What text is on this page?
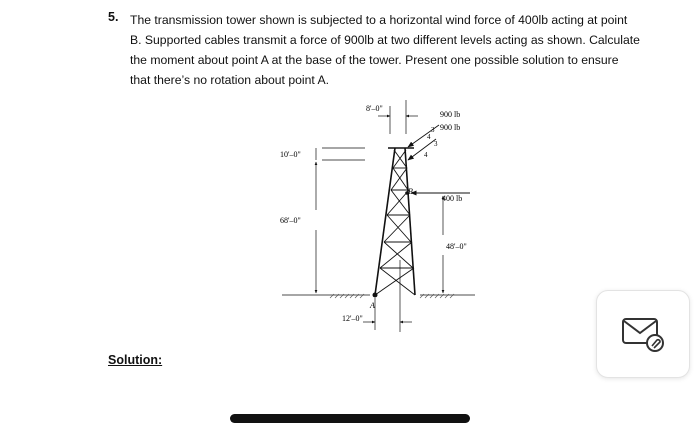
5. The transmission tower shown is subjected to a horizontal wind force of 400lb acting at point B. Supported cables transmit a force of 900lb at two different levels acting as shown. Calculate the moment about point A at the base of the tower. Present one possible solution to ensure that there’s no rotation about point A.
B
A
8'–0"
900 lb
900 lb
3
4
3
4
10'–0"
68'–0"
400 lb
48'–0"
12'–0"
Solution:
